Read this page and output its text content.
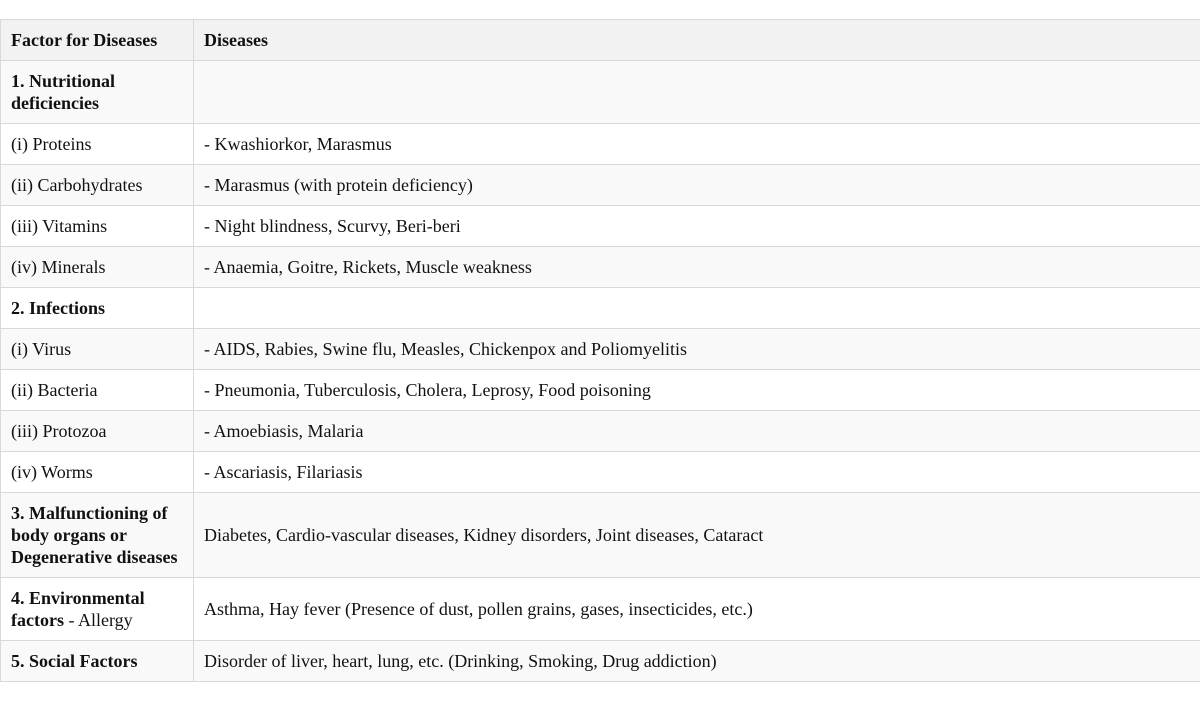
Factor for Diseases	Diseases
1. Nutritional deficiencies	
(i) Proteins	- Kwashiorkor, Marasmus
(ii) Carbohydrates	- Marasmus (with protein deficiency)
(iii) Vitamins	- Night blindness, Scurvy, Beri-beri
(iv) Minerals	- Anaemia, Goitre, Rickets, Muscle weakness
2. Infections	
(i) Virus	- AIDS, Rabies, Swine flu, Measles, Chickenpox and Poliomyelitis
(ii) Bacteria	- Pneumonia, Tuberculosis, Cholera, Leprosy, Food poisoning
(iii) Protozoa	- Amoebiasis, Malaria
(iv) Worms	- Ascariasis, Filariasis
3. Malfunctioning of body organs or Degenerative diseases	Diabetes, Cardio-vascular diseases, Kidney disorders, Joint diseases, Cataract
4. Environmental factors - Allergy	Asthma, Hay fever (Presence of dust, pollen grains, gases, insecticides, etc.)
5. Social Factors	Disorder of liver, heart, lung, etc. (Drinking, Smoking, Drug addiction)
